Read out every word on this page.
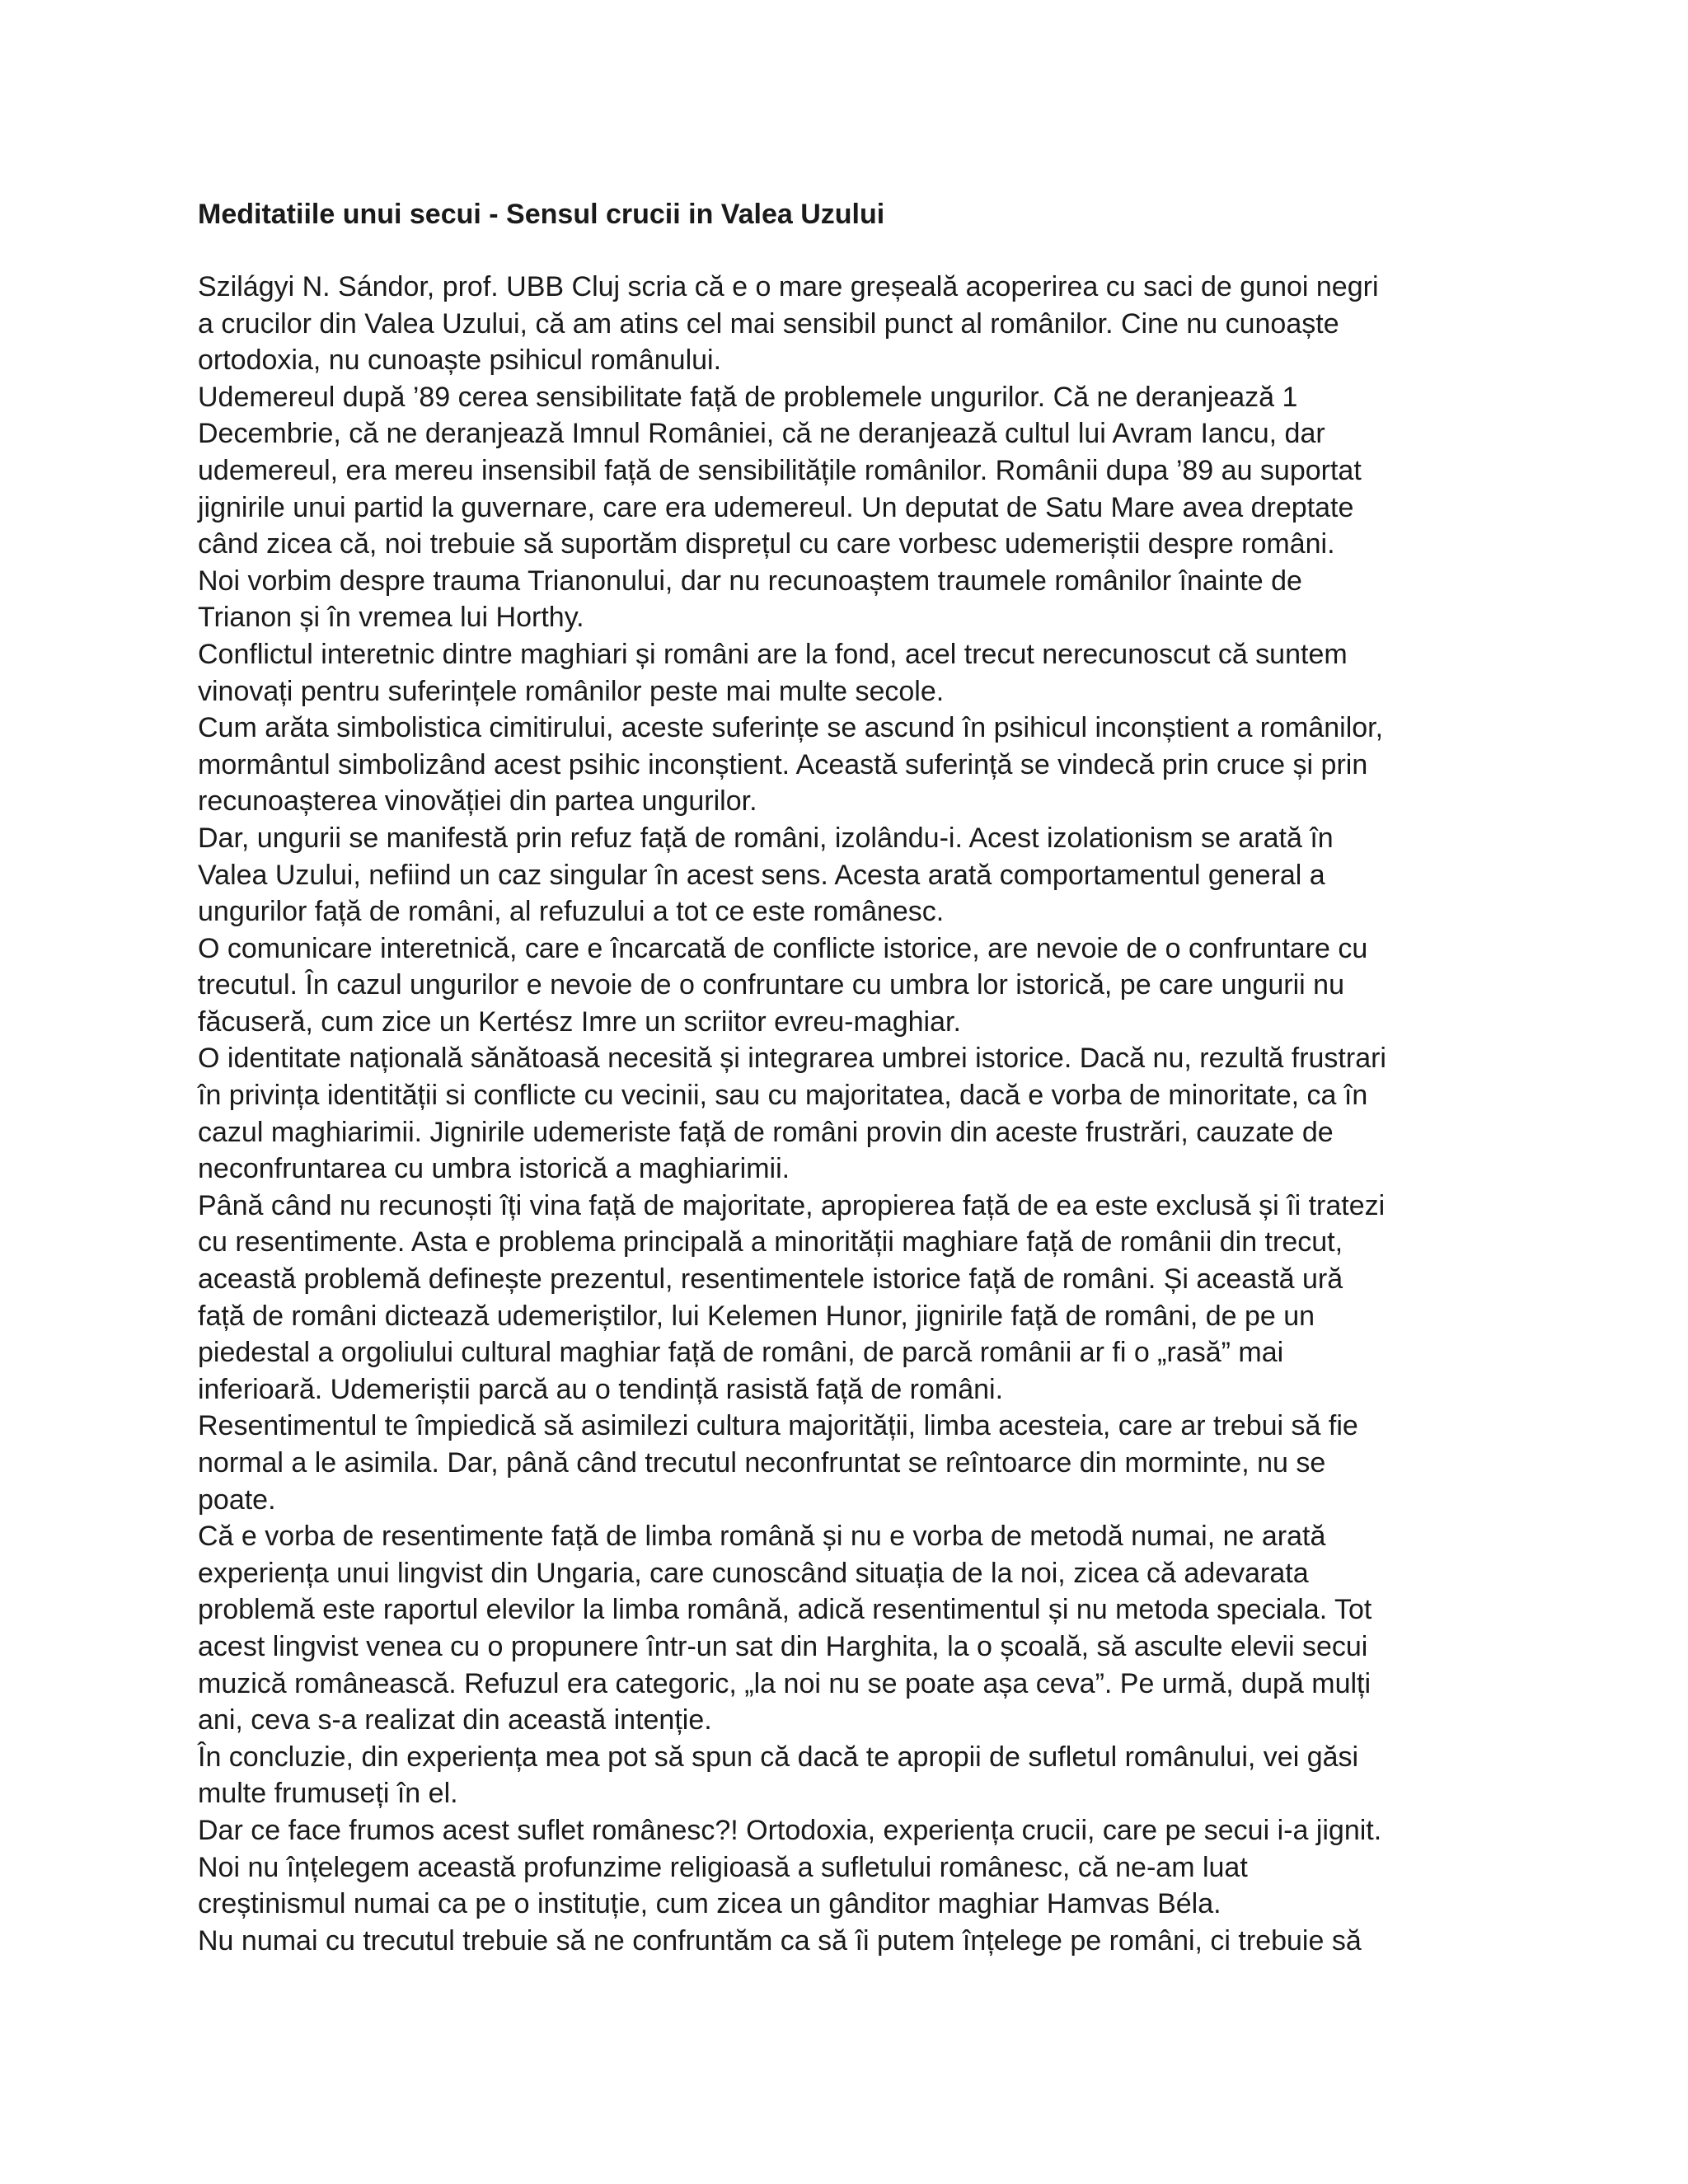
Meditatiile unui secui - Sensul crucii in Valea Uzului

Szilágyi N. Sándor, prof. UBB Cluj scria că e o mare greșeală acoperirea cu saci de gunoi negri
a crucilor din Valea Uzului, că am atins cel mai sensibil punct al românilor. Cine nu cunoaște
ortodoxia, nu cunoaște psihicul românului.

Udemereul după ’89 cerea sensibilitate față de problemele ungurilor. Că ne deranjează 1
Decembrie, că ne deranjează Imnul României, că ne deranjează cultul lui Avram Iancu, dar
udemereul, era mereu insensibil față de sensibilitățile românilor. Românii dupa ’89 au suportat
jignirile unui partid la guvernare, care era udemereul. Un deputat de Satu Mare avea dreptate
când zicea că, noi trebuie să suportăm disprețul cu care vorbesc udemeriștii despre români.
Noi vorbim despre trauma Trianonului, dar nu recunoaștem traumele românilor înainte de
Trianon și în vremea lui Horthy.

Conflictul interetnic dintre maghiari și români are la fond, acel trecut nerecunoscut că suntem
vinovați pentru suferințele românilor peste mai multe secole.

Cum arăta simbolistica cimitirului, aceste suferințe se ascund în psihicul inconștient a românilor,
mormântul simbolizând acest psihic inconștient. Această suferință se vindecă prin cruce și prin
recunoașterea vinovăției din partea ungurilor.

Dar, ungurii se manifestă prin refuz față de români, izolându-i. Acest izolationism se arată în
Valea Uzului, nefiind un caz singular în acest sens. Acesta arată comportamentul general a
ungurilor față de români, al refuzului a tot ce este românesc.

O comunicare interetnică, care e încarcată de conflicte istorice, are nevoie de o confruntare cu
trecutul. În cazul ungurilor e nevoie de o confruntare cu umbra lor istorică, pe care ungurii nu
făcuseră, cum zice un Kertész Imre un scriitor evreu-maghiar.

O identitate națională sănătoasă necesită și integrarea umbrei istorice. Dacă nu, rezultă frustrari
în privința identității si conflicte cu vecinii, sau cu majoritatea, dacă e vorba de minoritate, ca în
cazul maghiarimii. Jignirile udemeriste față de români provin din aceste frustrări, cauzate de
neconfruntarea cu umbra istorică a maghiarimii.

Până când nu recunoști îți vina față de majoritate, apropierea față de ea este exclusă și îi tratezi
cu resentimente. Asta e problema principală a minorității maghiare față de românii din trecut,
această problemă definește prezentul, resentimentele istorice față de români. Și această ură
față de români dictează udemeriștilor, lui Kelemen Hunor, jignirile față de români, de pe un
piedestal a orgoliului cultural maghiar față de români, de parcă românii ar fi o „rasă” mai
inferioară. Udemeriștii parcă au o tendință rasistă față de români.

Resentimentul te împiedică să asimilezi cultura majorității, limba acesteia, care ar trebui să fie
normal a le asimila. Dar, până când trecutul neconfruntat se reîntoarce din morminte, nu se
poate.

Că e vorba de resentimente față de limba română și nu e vorba de metodă numai, ne arată
experiența unui lingvist din Ungaria, care cunoscând situația de la noi, zicea că adevarata
problemă este raportul elevilor la limba română, adică resentimentul și nu metoda speciala. Tot
acest lingvist venea cu o propunere într-un sat din Harghita, la o școală, să asculte elevii secui
muzică românească. Refuzul era categoric, „la noi nu se poate așa ceva”. Pe urmă, după mulți
ani, ceva s-a realizat din această intenție.

În concluzie, din experiența mea pot să spun că dacă te apropii de sufletul românului, vei găsi
multe frumuseți în el.

Dar ce face frumos acest suflet românesc?! Ortodoxia, experiența crucii, care pe secui i-a jignit.
Noi nu înțelegem această profunzime religioasă a sufletului românesc, că ne-am luat
creștinismul numai ca pe o instituție, cum zicea un gânditor maghiar Hamvas Béla.

Nu numai cu trecutul trebuie să ne confruntăm ca să îi putem înțelege pe români, ci trebuie să
